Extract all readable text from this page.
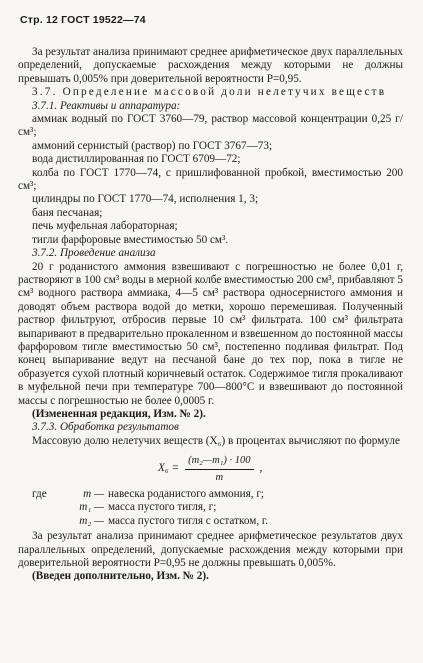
Стр. 12 ГОСТ 19522—74

За результат анализа принимают среднее арифметическое двух параллельных определений, допускаемые расхождения между которыми не должны превышать 0,005% при доверительной вероятности P=0,95.

3.7. Определение массовой доли нелетучих веществ

3.7.1. Реактивы и аппаратура:

аммиак водный по ГОСТ 3760—79, раствор массовой концентрации 0,25 г/см³;

аммоний сернистый (раствор) по ГОСТ 3767—73;

вода дистиллированная по ГОСТ 6709—72;

колба по ГОСТ 1770—74, с пришлифованной пробкой, вместимостью 200 см³;

цилиндры по ГОСТ 1770—74, исполнения 1, 3;

баня песчаная;

печь муфельная лабораторная;

тигли фарфоровые вместимостью 50 см³.

3.7.2. Проведение анализа

20 г роданистого аммония взвешивают с погрешностью не более 0,01 г, растворяют в 100 см³ воды в мерной колбе вместимостью 200 см³, прибавляют 5 см³ водного раствора аммиака, 4—5 см³ раствора односернистого аммония и доводят объем раствора водой до метки, хорошо перемешивая. Полученный раствор фильтруют, отбросив первые 10 см³ фильтрата. 100 см³ фильтрата выпаривают в предварительно прокаленном и взвешенном до постоянной массы фарфоровом тигле вместимостью 50 см³, постепенно подливая фильтрат. Под конец выпаривание ведут на песчаной бане до тех пор, пока в тигле не образуется сухой плотный коричневый остаток. Содержимое тигля прокаливают в муфельной печи при температуре 700—800°С и взвешивают до постоянной массы с погрешностью не более 0,0005 г.

(Измененная редакция, Изм. № 2).

3.7.3. Обработка результатов

Массовую долю нелетучих веществ (X₆) в процентах вычисляют по формуле

$X_6 = \frac{\text{(m₂—m₁) · 100}}{m}$ ,
где	m — навеска роданистого аммония, г;
m₁ — масса пустого тигля, г;
m₂ — масса пустого тигля с остатком, г.

За результат анализа принимают среднее арифметическое результатов двух параллельных определений, допускаемые расхождения между которыми при доверительной вероятности P=0,95 не должны превышать 0,005%.

(Введен дополнительно, Изм. № 2).
